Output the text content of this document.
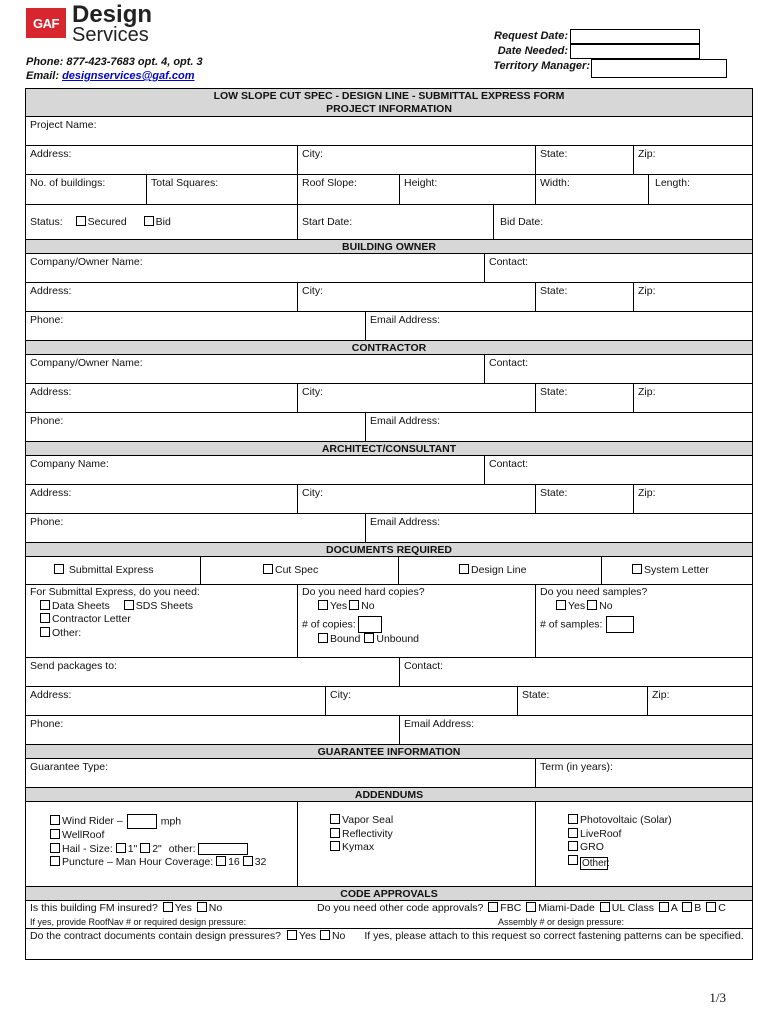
GAF Design
Services
Phone: 877-423-7683 opt. 4, opt. 3
Email: designservices@gaf.com
Request Date:
Date Needed:
Territory Manager:
LOW SLOPE CUT SPEC - DESIGN LINE - SUBMITTAL EXPRESS FORM
PROJECT INFORMATION
Project Name:
Address:	City:	State:	Zip:
No. of buildings:	Total Squares:	Roof Slope:	Height:	Width:	Length:
Status: Secured	Bid	Start Date:	Bid Date:
BUILDING OWNER
Company/Owner Name:	Contact:
Address:	City:	State:	Zip:
Phone:	Email Address:
CONTRACTOR
Company/Owner Name:	Contact:
Address:	City:	State:	Zip:
Phone:	Email Address:
ARCHITECT/CONSULTANT
Company Name:	Contact:
Address:	City:	State:	Zip:
Phone:	Email Address:
DOCUMENTS REQUIRED
Submittal Express	Cut Spec	Design Line	System Letter
For Submittal Express, do you need:
Data Sheets SDS Sheets
Contractor Letter
Other:
Do you need hard copies?
Yes No
# of copies:
Bound Unbound
Do you need samples?
Yes No
# of samples:
Send packages to:	Contact:
Address:	City:	State:	Zip:
Phone:	Email Address:
GUARANTEE INFORMATION
Guarantee Type:	Term (in years):
ADDENDUMS
Wind Rider –	mph
WellRoof
Hail - Size: 1" 2" other:
Puncture – Man Hour Coverage: 16 32
Vapor Seal
Reflectivity
Kymax
Photovoltaic (Solar)
LiveRoof
GRO
Other:
CODE APPROVALS
Is this building FM insured? Yes No	Do you need other code approvals? FBC Miami-Dade UL Class A B C
If yes, provide RoofNav # or required design pressure:	Assembly # or design pressure:
Do the contract documents contain design pressures? Yes No If yes, please attach to this request so correct fastening patterns can be specified.
1/3
